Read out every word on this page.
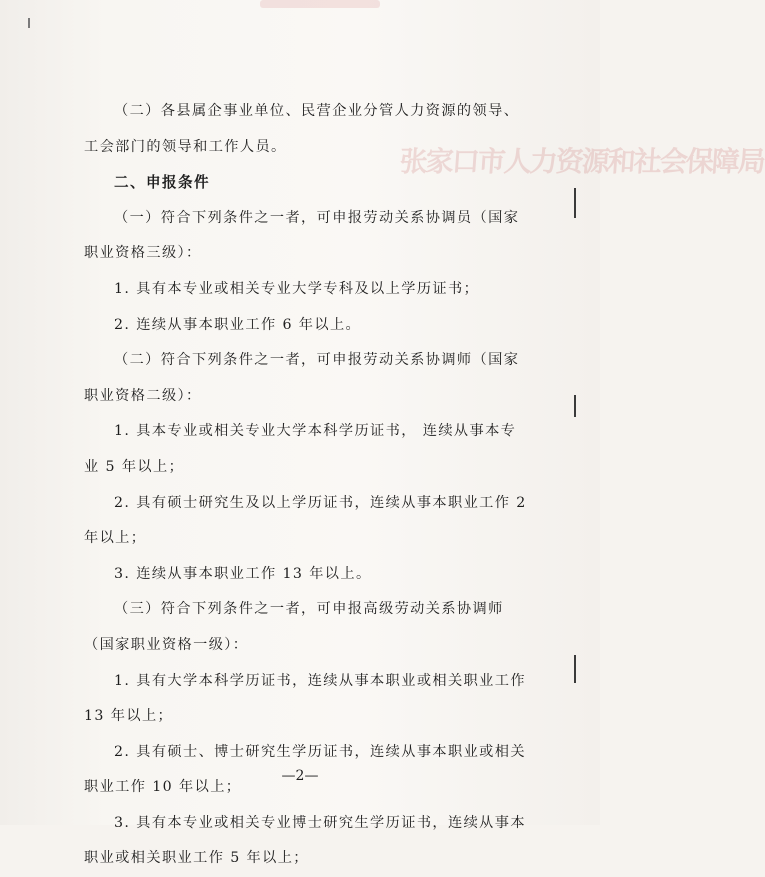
张家口市人力资源和社会保障局

（二）各县属企事业单位、民营企业分管人力资源的领导、工会部门的领导和工作人员。

二、申报条件

（一）符合下列条件之一者，可申报劳动关系协调员（国家职业资格三级）：

1. 具有本专业或相关专业大学专科及以上学历证书；

2. 连续从事本职业工作 6 年以上。

（二）符合下列条件之一者，可申报劳动关系协调师（国家职业资格二级）：

1. 具本专业或相关专业大学本科学历证书， 连续从事本专业 5 年以上；

2. 具有硕士研究生及以上学历证书，连续从事本职业工作 2 年以上；

3. 连续从事本职业工作 13 年以上。

（三）符合下列条件之一者，可申报高级劳动关系协调师（国家职业资格一级）：

1. 具有大学本科学历证书，连续从事本职业或相关职业工作 13 年以上；

2. 具有硕士、博士研究生学历证书，连续从事本职业或相关职业工作 10 年以上；

3. 具有本专业或相关专业博士研究生学历证书，连续从事本职业或相关职业工作 5 年以上；

—2—
